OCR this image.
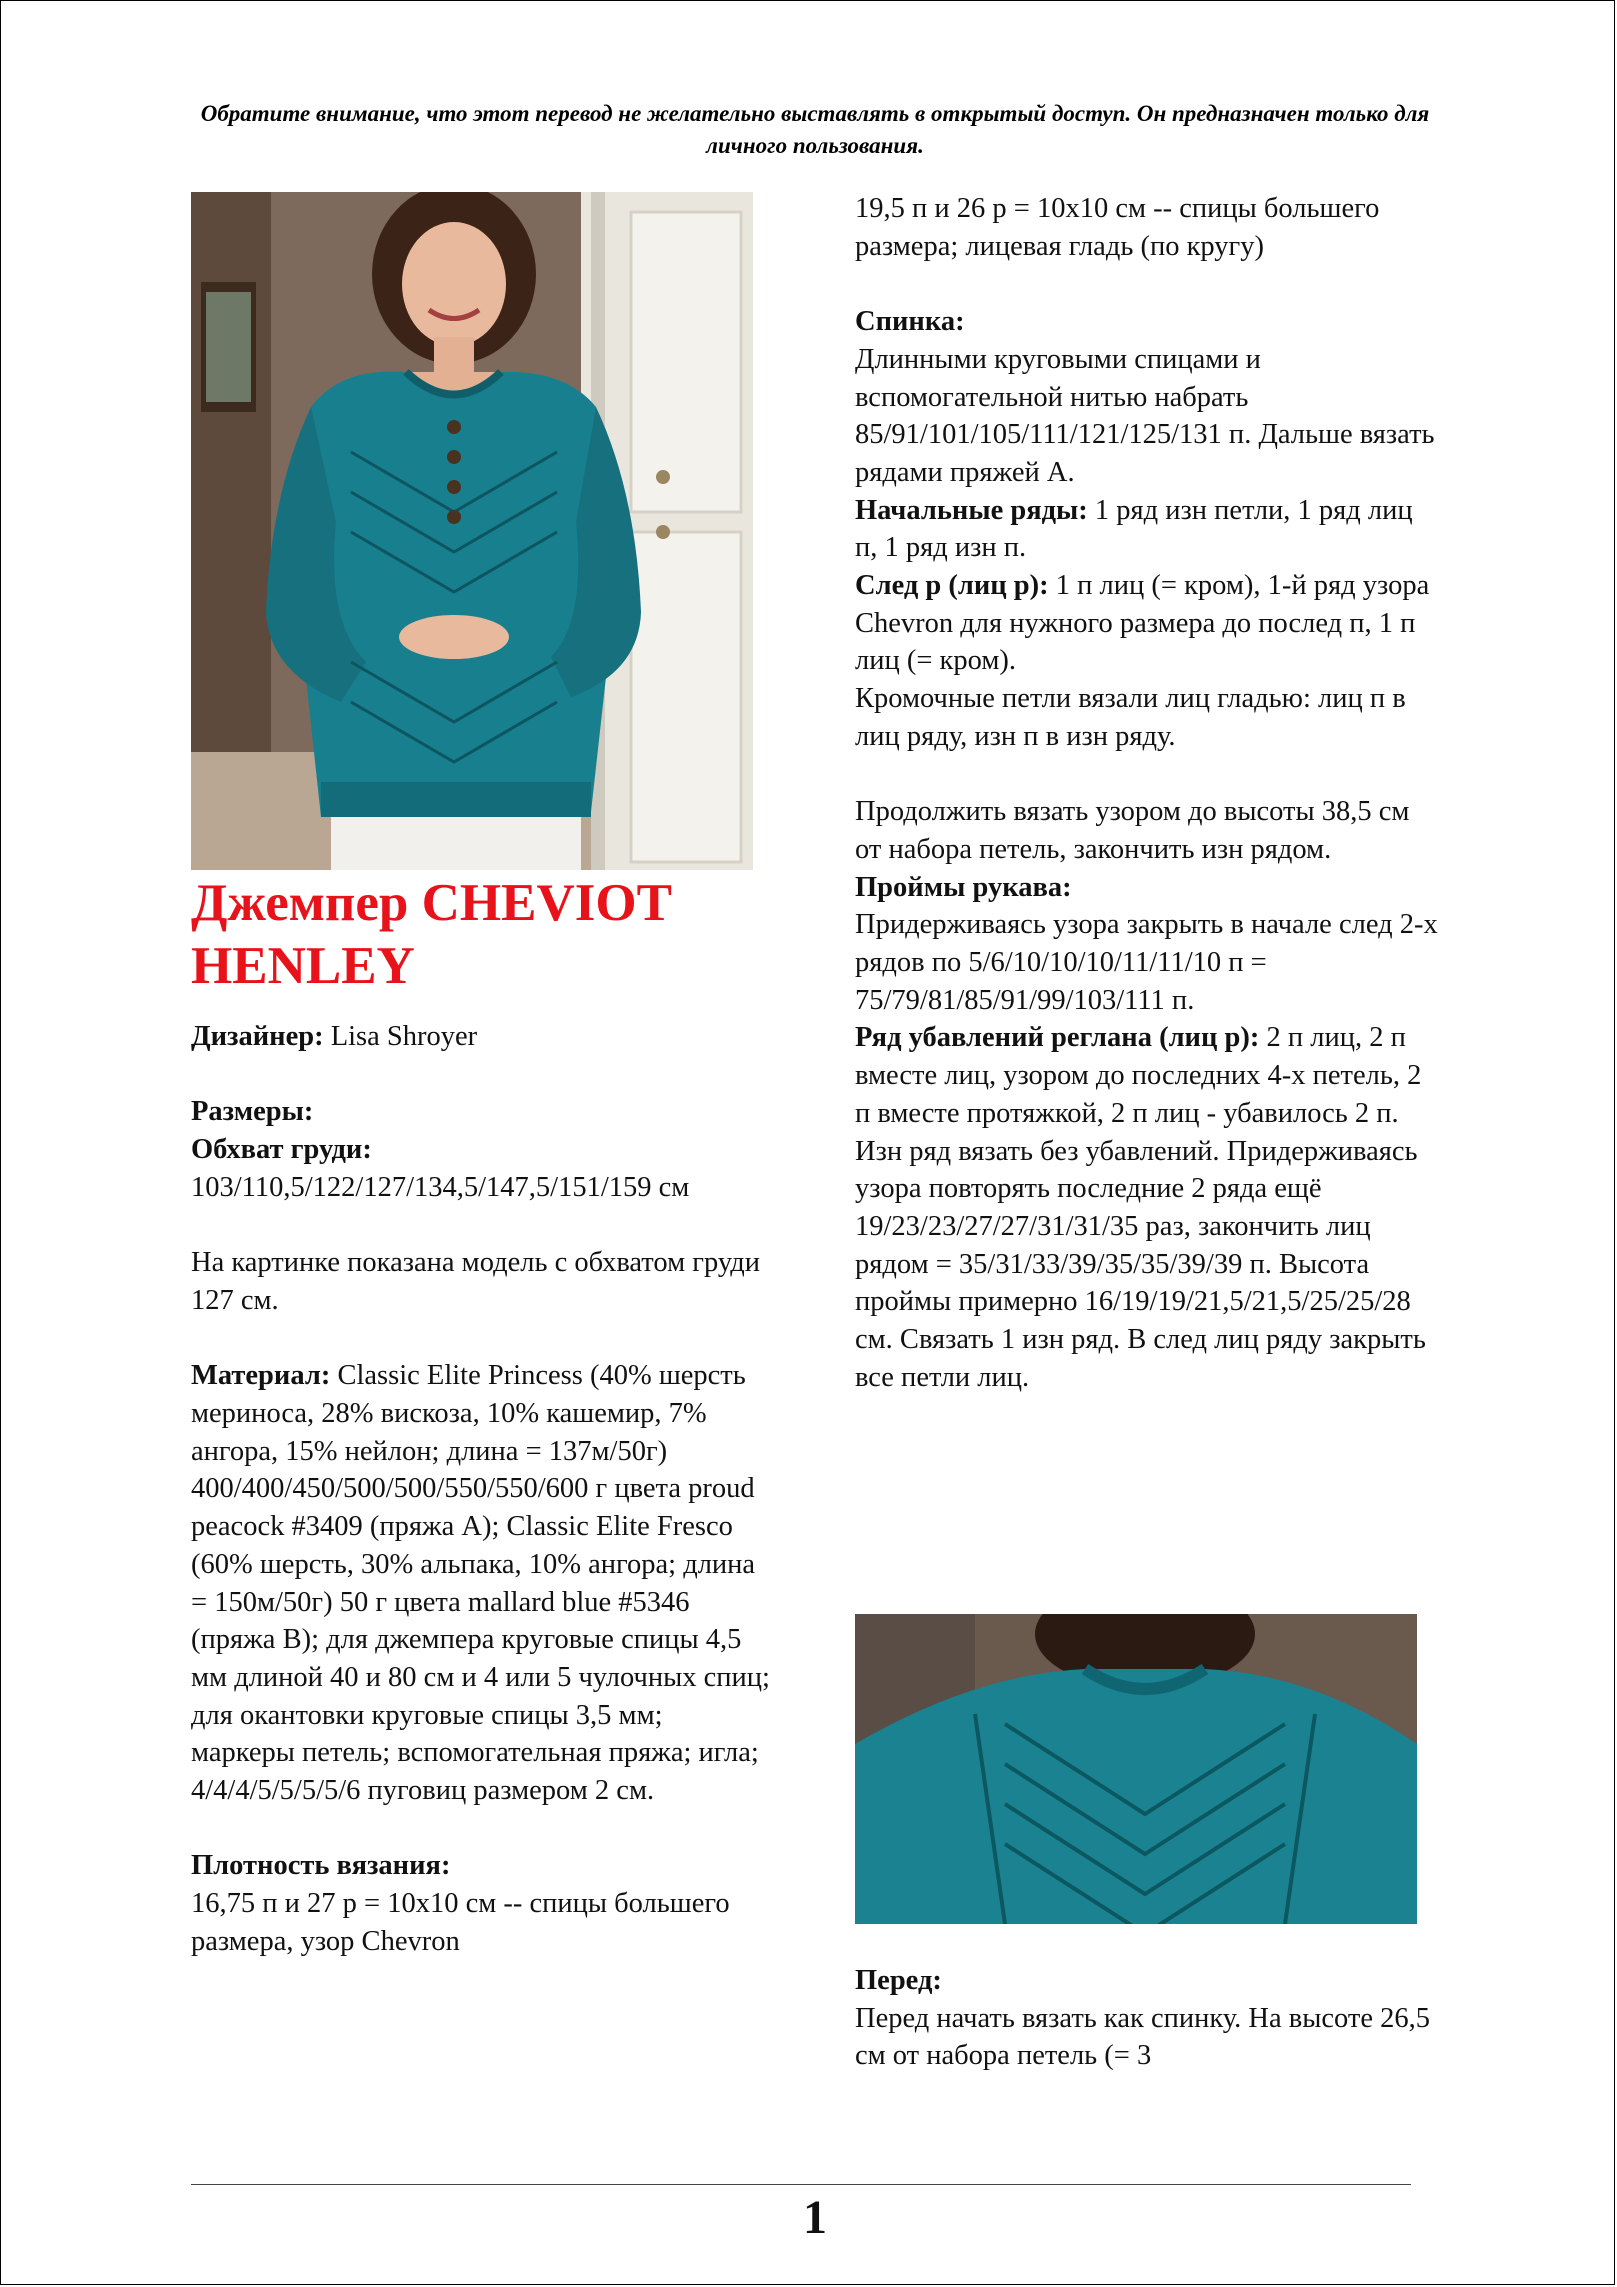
Обратите внимание, что этот перевод не желательно выставлять в открытый доступ. Он предназначен только для личного пользования.
Джемпер CHEVIOT HENLEY

Дизайнер: Lisa Shroyer

Размеры:

Обхват груди:

103/110,5/122/127/134,5/147,5/151/159 см

На картинке показана модель с обхватом груди 127 см.

Материал: Classic Elite Princess (40% шерсть мериноса, 28% вискоза, 10% кашемир, 7% ангора, 15% нейлон; длина = 137м/50г) 400/400/450/500/500/550/550/600 г цвета proud peacock #3409 (пряжа А); Classic Elite Fresco (60% шерсть, 30% альпака, 10% ангора; длина = 150м/50г) 50 г цвета mallard blue #5346 (пряжа В); для джемпера круговые спицы 4,5 мм длиной 40 и 80 см и 4 или 5 чулочных спиц; для окантовки круговые спицы 3,5 мм; маркеры петель; вспомогательная пряжа; игла; 4/4/4/5/5/5/5/6 пуговиц размером 2 см.

Плотность вязания:

16,75 п и 27 р = 10х10 см -- спицы большего размера, узор Chevron

19,5 п и 26 р = 10х10 см -- спицы большего размера; лицевая гладь (по кругу)

Спинка:

Длинными круговыми спицами и вспомогательной нитью набрать 85/91/101/105/111/121/125/131 п. Дальше вязать рядами пряжей А.

Начальные ряды: 1 ряд изн петли, 1 ряд лиц п, 1 ряд изн п.

След р (лиц р): 1 п лиц (= кром), 1-й ряд узора Chevron для нужного размера до послед п, 1 п лиц (= кром).

Кромочные петли вязали лиц гладью: лиц п в лиц ряду, изн п в изн ряду.

Продолжить вязать узором до высоты 38,5 см от набора петель, закончить изн рядом.

Проймы рукава:

Придерживаясь узора закрыть в начале след 2-х рядов по 5/6/10/10/10/11/11/10 п = 75/79/81/85/91/99/103/111 п.

Ряд убавлений реглана (лиц р): 2 п лиц, 2 п вместе лиц, узором до последних 4-х петель, 2 п вместе протяжкой, 2 п лиц - убавилось 2 п.

Изн ряд вязать без убавлений. Придерживаясь узора повторять последние 2 ряда ещё 19/23/23/27/27/31/31/35 раз, закончить лиц рядом = 35/31/33/39/35/35/39/39 п. Высота проймы примерно 16/19/19/21,5/21,5/25/25/28 см. Связать 1 изн ряд. В след лиц ряду закрыть все петли лиц.

Перед:

Перед начать вязать как спинку. На высоте 26,5 см от набора петель (= 3

1
